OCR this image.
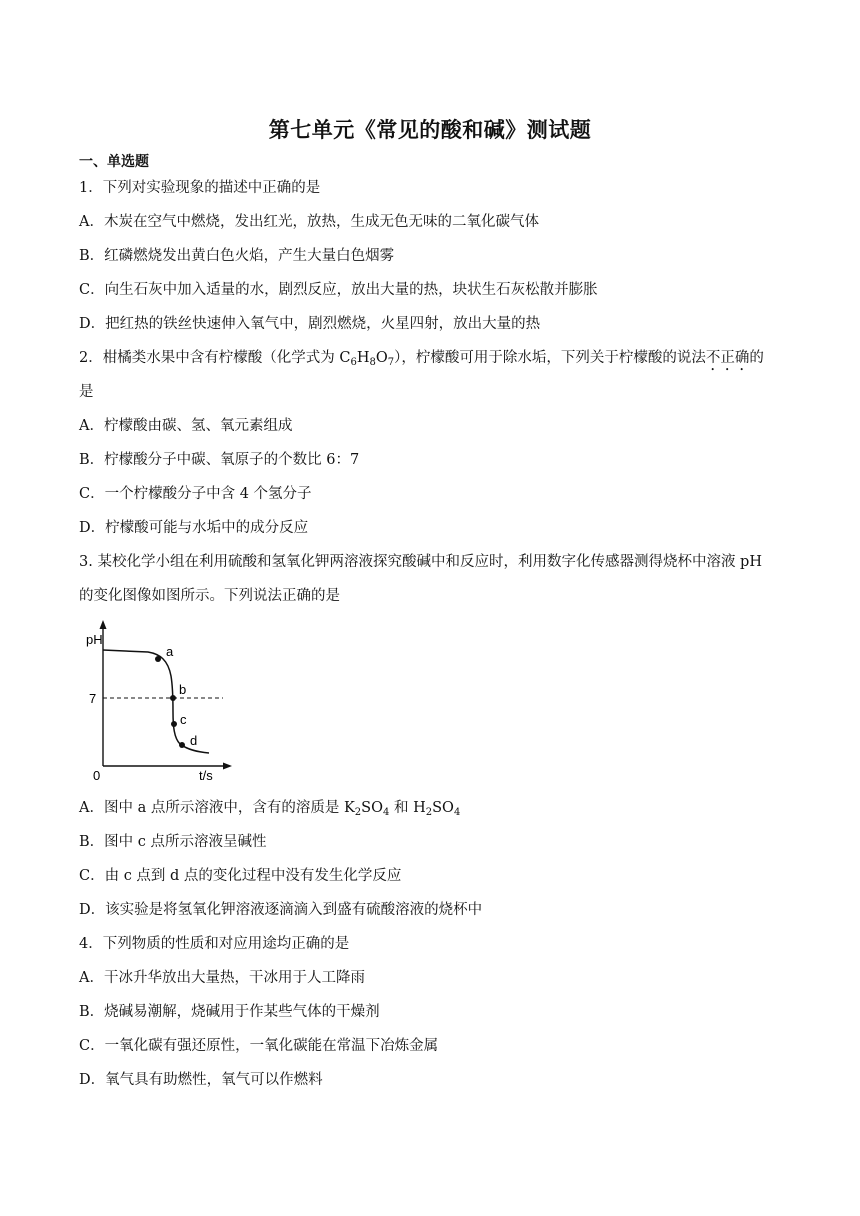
第七单元《常见的酸和碱》测试题
一、单选题
1．下列对实验现象的描述中正确的是
A．木炭在空气中燃烧，发出红光，放热，生成无色无味的二氧化碳气体
B．红磷燃烧发出黄白色火焰，产生大量白色烟雾
C．向生石灰中加入适量的水，剧烈反应，放出大量的热，块状生石灰松散并膨胀
D．把红热的铁丝快速伸入氧气中，剧烈燃烧，火星四射，放出大量的热
2．柑橘类水果中含有柠檬酸（化学式为 $C_6H_8O_7$），柠檬酸可用于除水垢，下列关于柠檬酸的说法不正确的
是
A．柠檬酸由碳、氢、氧元素组成
B．柠檬酸分子中碳、氧原子的个数比 6：7
C．一个柠檬酸分子中含 4 个氢分子
D．柠檬酸可能与水垢中的成分反应
3. 某校化学小组在利用硫酸和氢氧化钾两溶液探究酸碱中和反应时，利用数字化传感器测得烧杯中溶液 pH
的变化图像如图所示。下列说法正确的是
pH
7
0	t/s
a
b
c
d
A．图中 a 点所示溶液中，含有的溶质是 $K_2SO_4$ 和 $H_2SO_4$
B．图中 c 点所示溶液呈碱性
C．由 c 点到 d 点的变化过程中没有发生化学反应
D．该实验是将氢氧化钾溶液逐滴滴入到盛有硫酸溶液的烧杯中
4．下列物质的性质和对应用途均正确的是
A．干冰升华放出大量热，干冰用于人工降雨
B．烧碱易潮解，烧碱用于作某些气体的干燥剂
C．一氧化碳有强还原性，一氧化碳能在常温下冶炼金属
D．氧气具有助燃性，氧气可以作燃料
